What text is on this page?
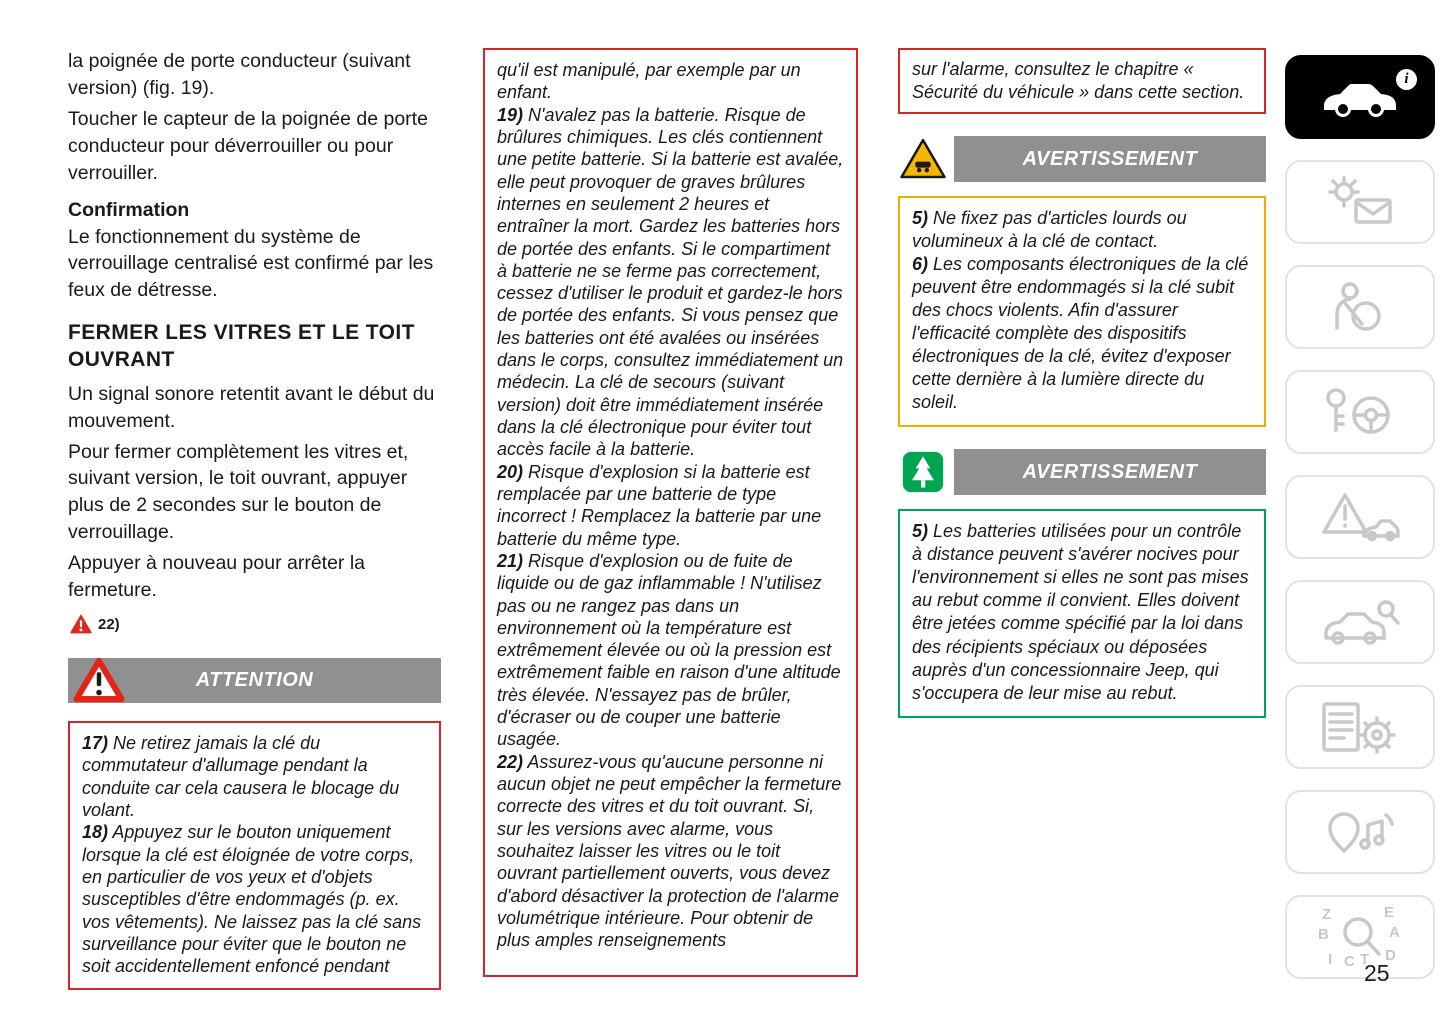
la poignée de porte conducteur (suivant version) (fig. 19).

Toucher le capteur de la poignée de porte conducteur pour déverrouiller ou pour verrouiller.

Confirmation

Le fonctionnement du système de verrouillage centralisé est confirmé par les feux de détresse.

FERMER LES VITRES ET LE TOIT OUVRANT

Un signal sonore retentit avant le début du mouvement.

Pour fermer complètement les vitres et, suivant version, le toit ouvrant, appuyer plus de 2 secondes sur le bouton de verrouillage.

Appuyer à nouveau pour arrêter la fermeture.

22)
ATTENTION

17) Ne retirez jamais la clé du commutateur d'allumage pendant la conduite car cela causera le blocage du volant.

18) Appuyez sur le bouton uniquement lorsque la clé est éloignée de votre corps, en particulier de vos yeux et d'objets susceptibles d'être endommagés (p. ex. vos vêtements). Ne laissez pas la clé sans surveillance pour éviter que le bouton ne soit accidentellement enfoncé pendant

qu'il est manipulé, par exemple par un enfant.

19) N'avalez pas la batterie. Risque de brûlures chimiques. Les clés contiennent une petite batterie. Si la batterie est avalée, elle peut provoquer de graves brûlures internes en seulement 2 heures et entraîner la mort. Gardez les batteries hors de portée des enfants. Si le compartiment à batterie ne se ferme pas correctement, cessez d'utiliser le produit et gardez-le hors de portée des enfants. Si vous pensez que les batteries ont été avalées ou insérées dans le corps, consultez immédiatement un médecin. La clé de secours (suivant version) doit être immédiatement insérée dans la clé électronique pour éviter tout accès facile à la batterie.

20) Risque d'explosion si la batterie est remplacée par une batterie de type incorrect ! Remplacez la batterie par une batterie du même type.

21) Risque d'explosion ou de fuite de liquide ou de gaz inflammable ! N'utilisez pas ou ne rangez pas dans un environnement où la température est extrêmement élevée ou où la pression est extrêmement faible en raison d'une altitude très élevée. N'essayez pas de brûler, d'écraser ou de couper une batterie usagée.

22) Assurez-vous qu'aucune personne ni aucun objet ne peut empêcher la fermeture correcte des vitres et du toit ouvrant. Si, sur les versions avec alarme, vous souhaitez laisser les vitres ou le toit ouvrant partiellement ouverts, vous devez d'abord désactiver la protection de l'alarme volumétrique intérieure. Pour obtenir de plus amples renseignements

sur l'alarme, consultez le chapitre « Sécurité du véhicule » dans cette section.
AVERTISSEMENT

5) Ne fixez pas d'articles lourds ou volumineux à la clé de contact.

6) Les composants électroniques de la clé peuvent être endommagés si la clé subit des chocs violents. Afin d'assurer l'efficacité complète des dispositifs électroniques de la clé, évitez d'exposer cette dernière à la lumière directe du soleil.

AVERTISSEMENT

5) Les batteries utilisées pour un contrôle à distance peuvent s'avérer nocives pour l'environnement si elles ne sont pas mises au rebut comme il convient. Elles doivent être jetées comme spécifié par la loi dans des récipients spéciaux ou déposées auprès d'un concessionnaire Jeep, qui s'occupera de leur mise au rebut.

i
Z	E
B
I C T
A
D
25
